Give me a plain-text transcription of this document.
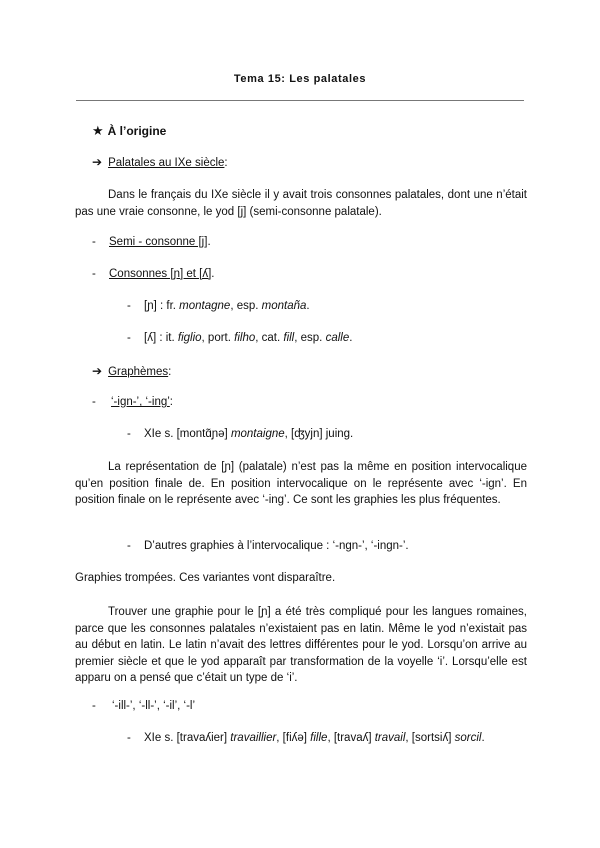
Tema 15: Les palatales
★ À l’origine
➔ Palatales au IXe siècle:
Dans le français du IXe siècle il y avait trois consonnes palatales, dont une n’était pas une vraie consonne, le yod [j] (semi-consonne palatale).
- Semi - consonne [j].
- Consonnes [ɲ] et [ʎ].
- [ɲ] : fr. montagne, esp. montaña.
- [ʎ] : it. figlio, port. filho, cat. fill, esp. calle.
➔ Graphèmes:
- ‘-ign-’, ‘-ing’:
- XIe s. [montɑ̃ɲə] montaigne, [ʤyjn] juing.
La représentation de [ɲ] (palatale) n’est pas la même en position intervocalique qu’en position finale de. En position intervocalique on le représente avec ‘-ign’. En position finale on le représente avec ‘-ing’. Ce sont les graphies les plus fréquentes.
- D’autres graphies à l’intervocalique : ‘-ngn-’, ‘-ingn-’.
Graphies trompées. Ces variantes vont disparaître.
Trouver une graphie pour le [ɲ] a été très compliqué pour les langues romaines, parce que les consonnes palatales n’existaient pas en latin. Même le yod n’existait pas au début en latin. Le latin n’avait des lettres différentes pour le yod. Lorsqu’on arrive au premier siècle et que le yod apparaît par transformation de la voyelle ‘i’. Lorsqu’elle est apparu on a pensé que c’était un type de ‘i’.
- ‘-ill-’, ‘-ll-’, ‘-il’, ‘-l’
- XIe s. [travaʎier] travaillier, [fiʎə] fille, [travaʎ] travail, [sortsiʎ] sorcil.
